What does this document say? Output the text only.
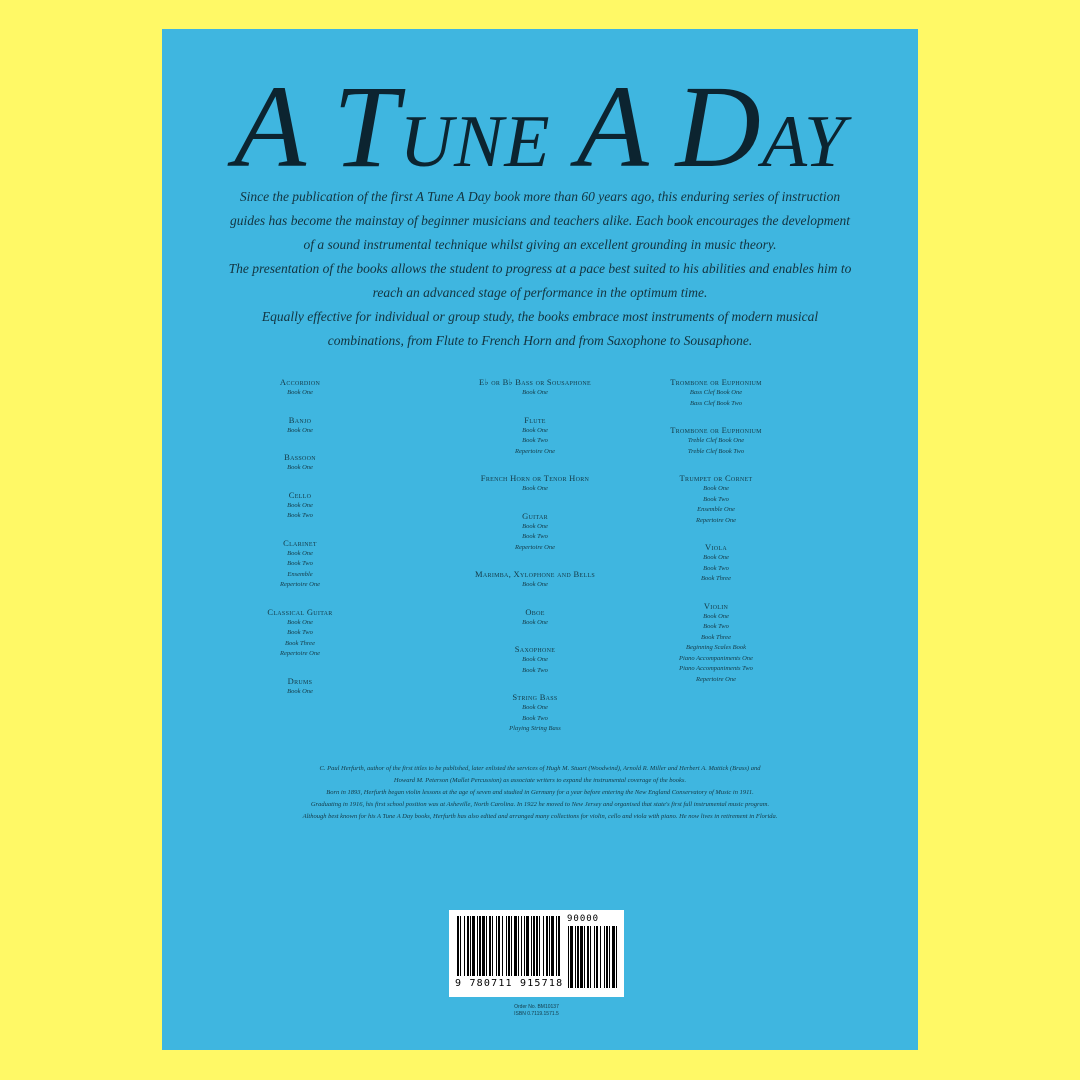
A TUNE A DAY

Since the publication of the first A Tune A Day book more than 60 years ago, this enduring series of instruction

guides has become the mainstay of beginner musicians and teachers alike. Each book encourages the development

of a sound instrumental technique whilst giving an excellent grounding in music theory.

The presentation of the books allows the student to progress at a pace best suited to his abilities and enables him to

reach an advanced stage of performance in the optimum time.

Equally effective for individual or group study, the books embrace most instruments of modern musical

combinations, from Flute to French Horn and from Saxophone to Sousaphone.

Accordion
Book One
Banjo
Book One
Bassoon
Book One
Cello
Book One
Book Two
Clarinet
Book One
Book Two
Ensemble
Repertoire One
Classical Guitar
Book One
Book Two
Book Three
Repertoire One
Drums
Book One
E♭ or B♭ Bass or Sousaphone
Book One
Flute
Book One
Book Two
Repertoire One
French Horn or Tenor Horn
Book One
Guitar
Book One
Book Two
Repertoire One
Marimba, Xylophone and Bells
Book One
Oboe
Book One
Saxophone
Book One
Book Two
String Bass
Book One
Book Two
Playing String Bass
Trombone or Euphonium
Bass Clef Book One
Bass Clef Book Two
Trombone or Euphonium
Treble Clef Book One
Treble Clef Book Two
Trumpet or Cornet
Book One
Book Two
Ensemble One
Repertoire One
Viola
Book One
Book Two
Book Three
Violin
Book One
Book Two
Book Three
Beginning Scales Book
Piano Accompaniments One
Piano Accompaniments Two
Repertoire One

C. Paul Herfurth, author of the first titles to be published, later enlisted the services of Hugh M. Stuart (Woodwind), Arnold R. Miller and Herbert A. Mattick (Brass) and

Howard M. Peterson (Mallet Percussion) as associate writers to expand the instrumental coverage of the books.

Born in 1893, Herfurth began violin lessons at the age of seven and studied in Germany for a year before entering the New England Conservatory of Music in 1911.

Graduating in 1916, his first school position was at Asheville, North Carolina. In 1922 he moved to New Jersey and organised that state's first full instrumental music program.

Although best known for his A Tune A Day books, Herfurth has also edited and arranged many collections for violin, cello and viola with piano. He now lives in retirement in Florida.

9 780711 915718
90000
Order No. BM10137
ISBN 0.7119.1571.5
